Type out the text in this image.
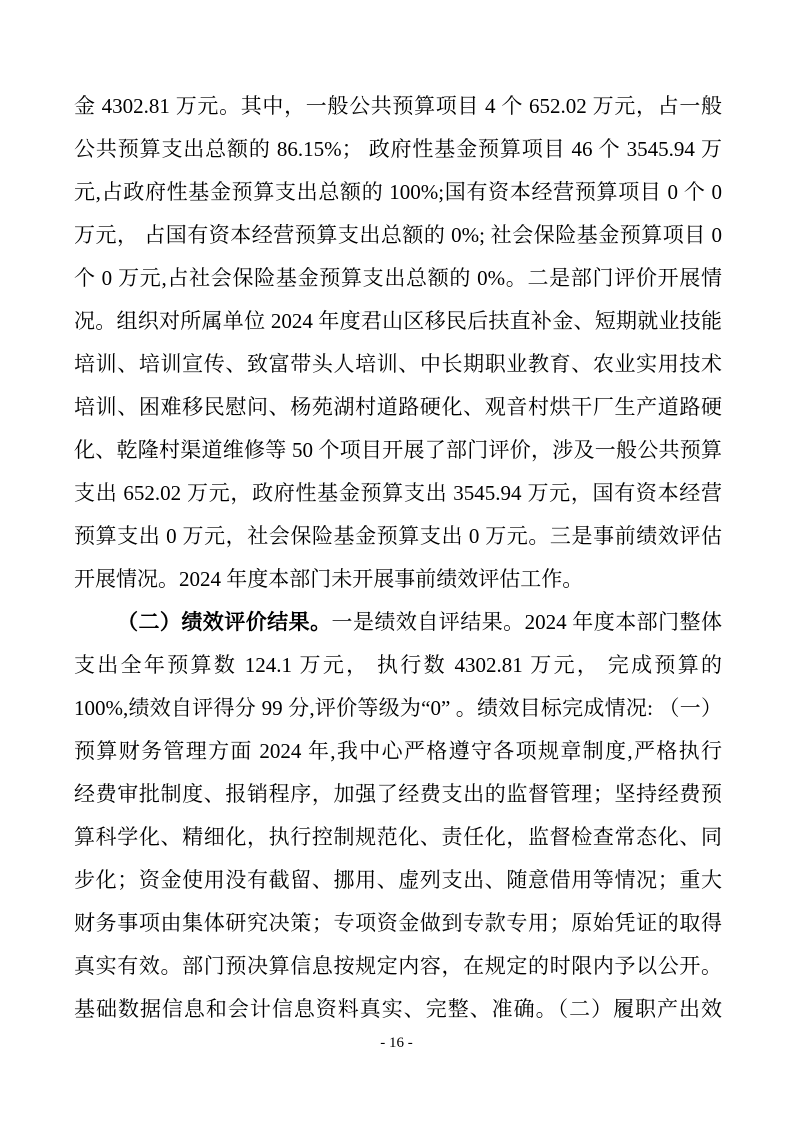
金 4302.81 万元。其中，一般公共预算项目 4 个 652.02 万元，占一般

公共预算支出总额的 86.15%； 政府性基金预算项目 46 个 3545.94 万

元,占政府性基金预算支出总额的 100%;国有资本经营预算项目 0 个 0

万元， 占国有资本经营预算支出总额的 0%; 社会保险基金预算项目 0

个 0 万元,占社会保险基金预算支出总额的 0%。二是部门评价开展情

况。组织对所属单位 2024 年度君山区移民后扶直补金、短期就业技能

培训、培训宣传、致富带头人培训、中长期职业教育、农业实用技术

培训、困难移民慰问、杨苑湖村道路硬化、观音村烘干厂生产道路硬

化、乾隆村渠道维修等 50 个项目开展了部门评价，涉及一般公共预算

支出 652.02 万元，政府性基金预算支出 3545.94 万元，国有资本经营

预算支出 0 万元，社会保险基金预算支出 0 万元。三是事前绩效评估

开展情况。2024 年度本部门未开展事前绩效评估工作。

（二）绩效评价结果。一是绩效自评结果。2024 年度本部门整体

支出全年预算数 124.1 万元， 执行数 4302.81 万元， 完成预算的

100%,绩效自评得分 99 分,评价等级为“0” 。绩效目标完成情况: （一）

预算财务管理方面 2024 年,我中心严格遵守各项规章制度,严格执行

经费审批制度、报销程序，加强了经费支出的监督管理；坚持经费预

算科学化、精细化，执行控制规范化、责任化，监督检查常态化、同

步化；资金使用没有截留、挪用、虚列支出、随意借用等情况；重大

财务事项由集体研究决策；专项资金做到专款专用；原始凭证的取得

真实有效。部门预决算信息按规定内容，在规定的时限内予以公开。

基础数据信息和会计信息资料真实、完整、准确。（二）履职产出效

- 16 -
